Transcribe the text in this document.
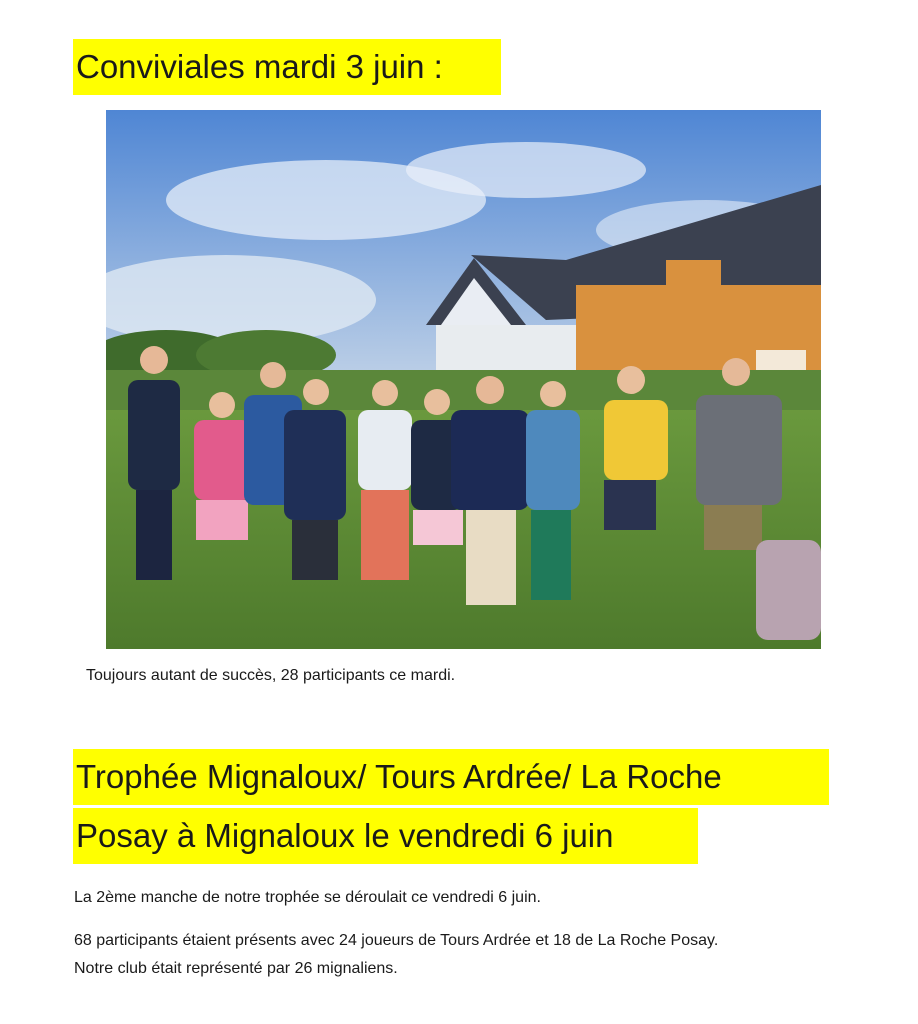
Conviviales mardi 3 juin :
Toujours autant de succès, 28 participants ce mardi.
Trophée Mignaloux/ Tours Ardrée/ La Roche
Posay à Mignaloux le vendredi 6 juin
La 2ème manche de notre trophée se déroulait ce vendredi 6 juin.
68 participants étaient présents avec 24 joueurs de Tours Ardrée et 18 de La Roche Posay.
Notre club était représenté par 26 mignaliens.
